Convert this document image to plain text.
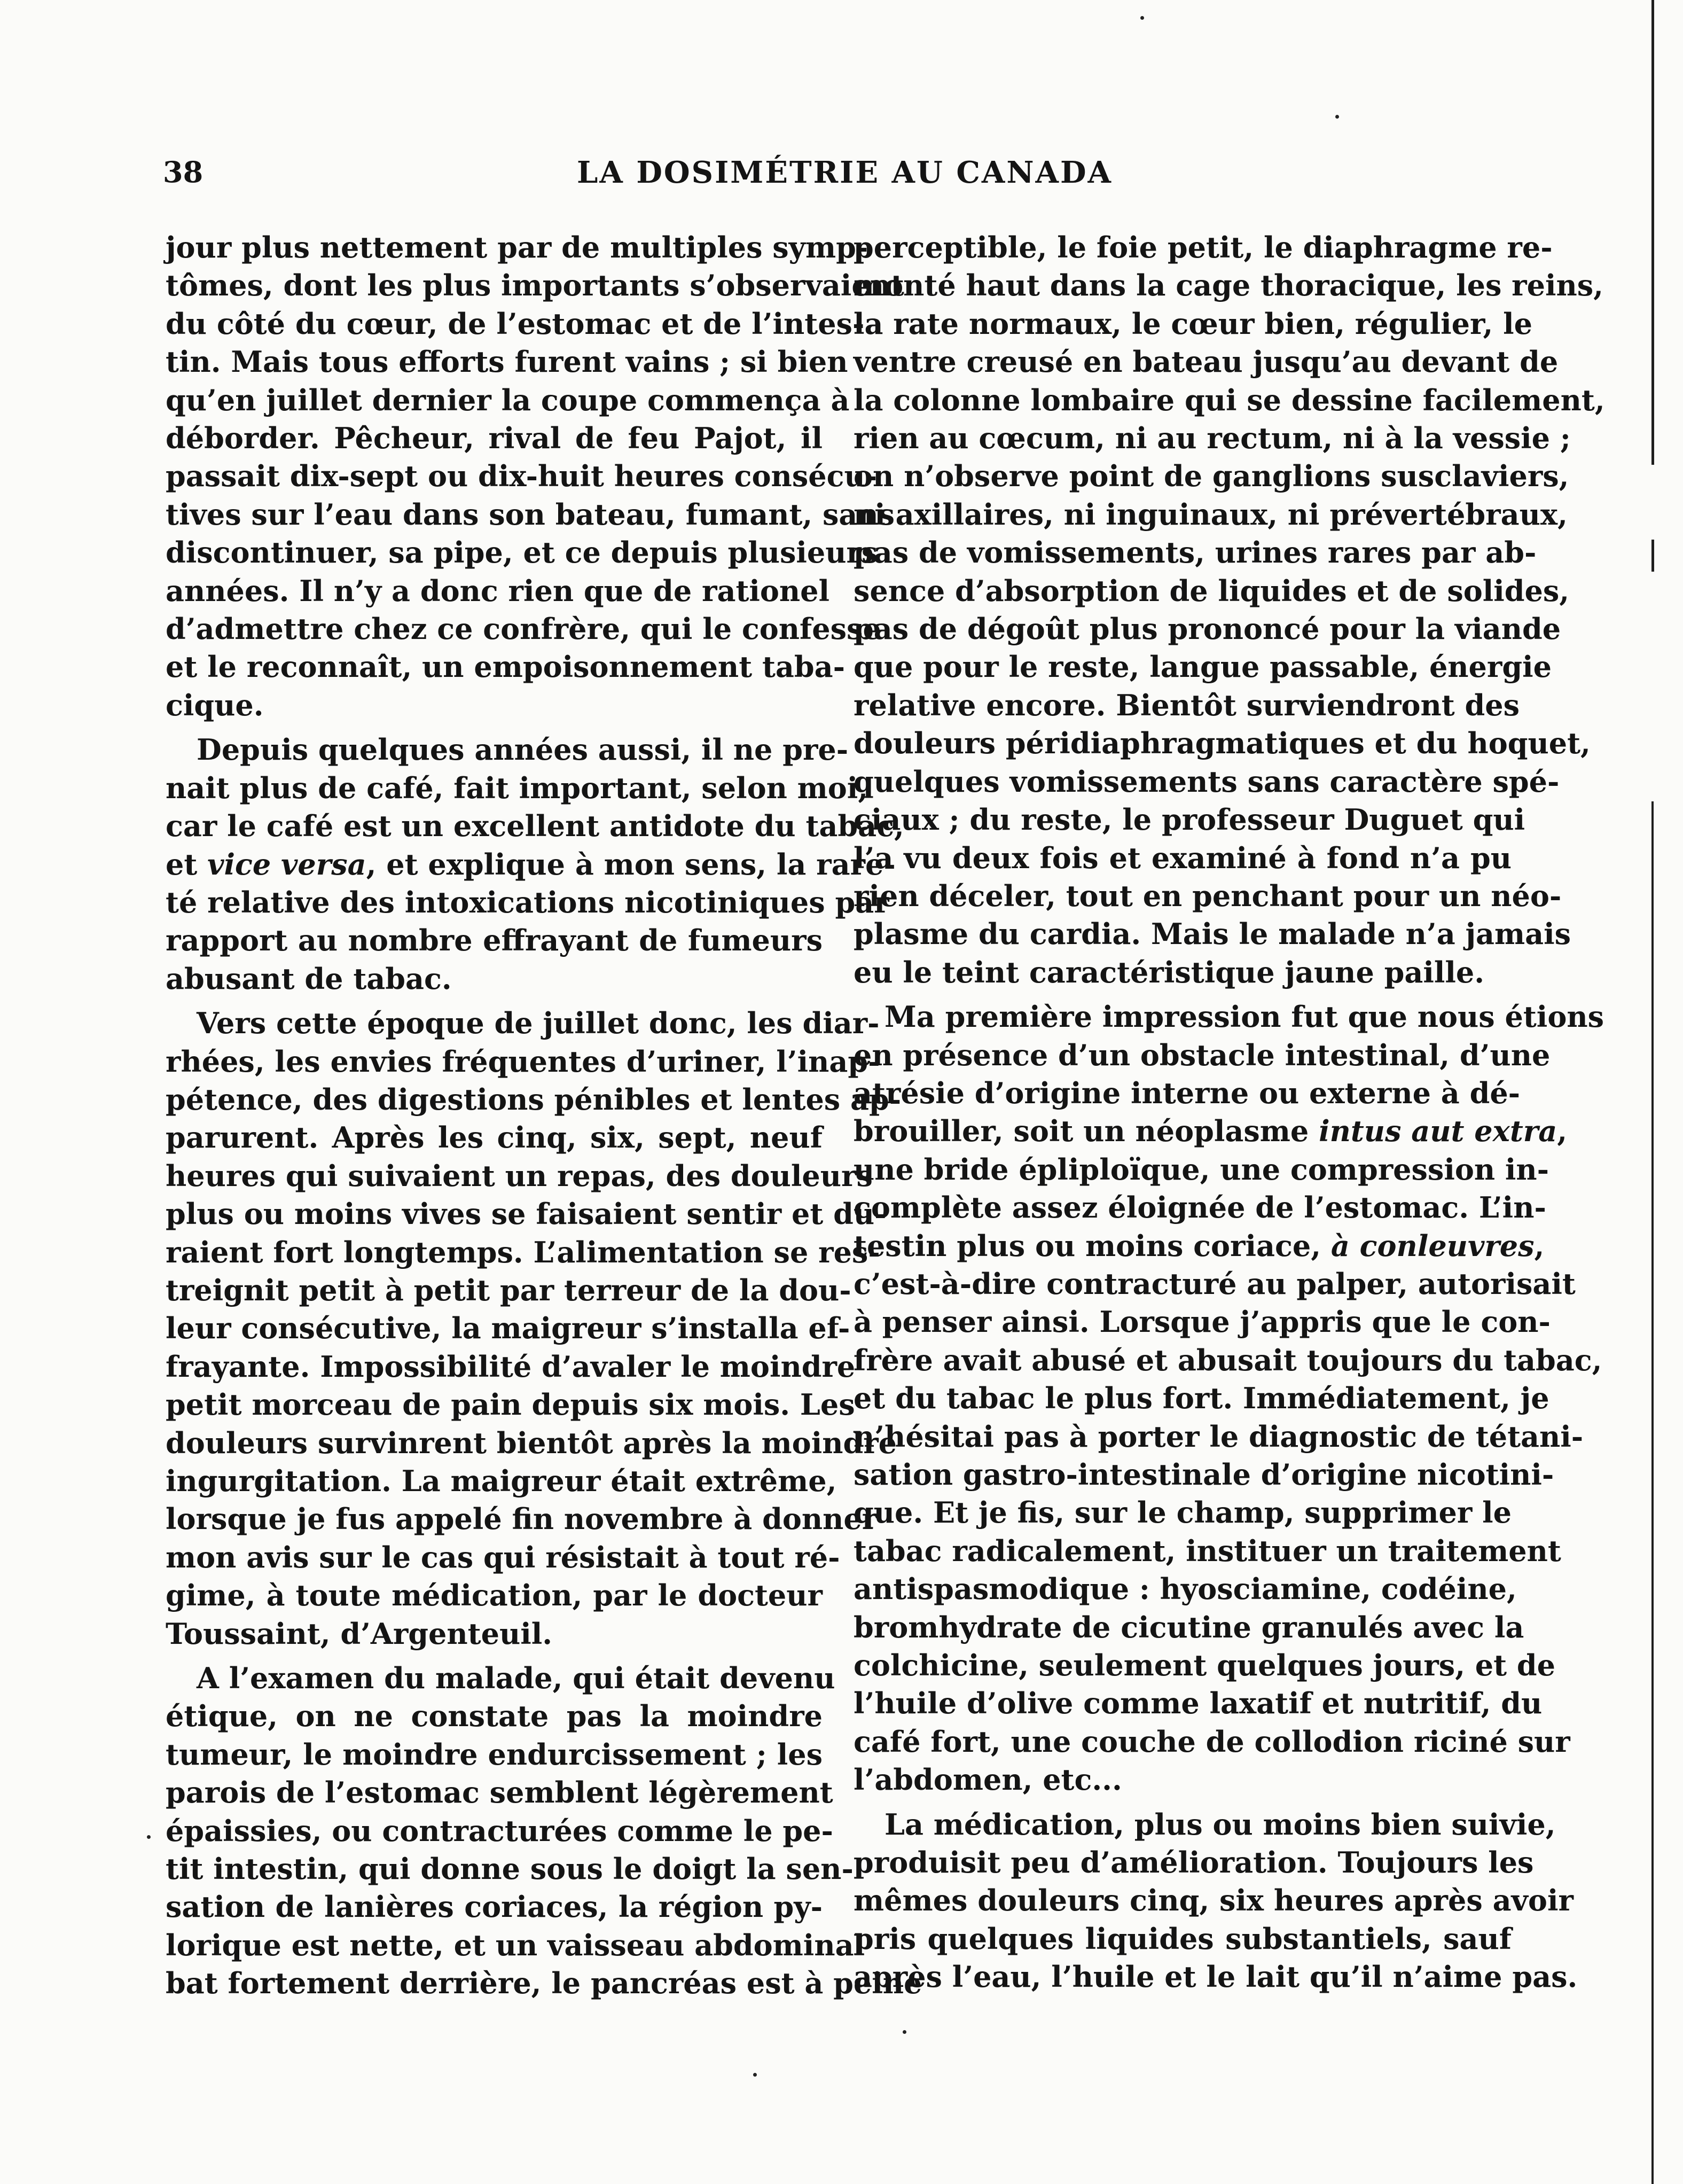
38	LA DOSIMÉTRIE AU CANADA

jour plus nettement par de multiples symp-
tômes, dont les plus importants s’observaient
du côté du cœur, de l’estomac et de l’intes-
tin. Mais tous efforts furent vains ; si bien
qu’en juillet dernier la coupe commença à
déborder. Pêcheur, rival de feu Pajot, il
passait dix-sept ou dix-huit heures consécu-
tives sur l’eau dans son bateau, fumant, sans
discontinuer, sa pipe, et ce depuis plusieurs
années. Il n’y a donc rien que de rationel
d’admettre chez ce confrère, qui le confesse
et le reconnaît, un empoisonnement taba-
cique.

Depuis quelques années aussi, il ne pre-
nait plus de café, fait important, selon moi,
car le café est un excellent antidote du tabac,
et vice versa, et explique à mon sens, la rare-
té relative des intoxications nicotiniques par
rapport au nombre effrayant de fumeurs
abusant de tabac.

Vers cette époque de juillet donc, les diar-
rhées, les envies fréquentes d’uriner, l’inap-
pétence, des digestions pénibles et lentes ap-
parurent. Après les cinq, six, sept, neuf
heures qui suivaient un repas, des douleurs
plus ou moins vives se faisaient sentir et du-
raient fort longtemps. L’alimentation se res-
treignit petit à petit par terreur de la dou-
leur consécutive, la maigreur s’installa ef-
frayante. Impossibilité d’avaler le moindre
petit morceau de pain depuis six mois. Les
douleurs survinrent bientôt après la moindre
ingurgitation. La maigreur était extrême,
lorsque je fus appelé fin novembre à donner
mon avis sur le cas qui résistait à tout ré-
gime, à toute médication, par le docteur
Toussaint, d’Argenteuil.

A l’examen du malade, qui était devenu
étique, on ne constate pas la moindre
tumeur, le moindre endurcissement ; les
parois de l’estomac semblent légèrement
épaissies, ou contracturées comme le pe-
tit intestin, qui donne sous le doigt la sen-
sation de lanières coriaces, la région py-
lorique est nette, et un vaisseau abdominal
bat fortement derrière, le pancréas est à peine

perceptible, le foie petit, le diaphragme re-
monté haut dans la cage thoracique, les reins,
la rate normaux, le cœur bien, régulier, le
ventre creusé en bateau jusqu’au devant de
la colonne lombaire qui se dessine facilement,
rien au cœcum, ni au rectum, ni à la vessie ;
on n’observe point de ganglions susclaviers,
ni axillaires, ni inguinaux, ni prévertébraux,
pas de vomissements, urines rares par ab-
sence d’absorption de liquides et de solides,
pas de dégoût plus prononcé pour la viande
que pour le reste, langue passable, énergie
relative encore. Bientôt surviendront des
douleurs péridiaphragmatiques et du hoquet,
quelques vomissements sans caractère spé-
ciaux ; du reste, le professeur Duguet qui
l’a vu deux fois et examiné à fond n’a pu
rien déceler, tout en penchant pour un néo-
plasme du cardia. Mais le malade n’a jamais
eu le teint caractéristique jaune paille.

Ma première impression fut que nous étions
en présence d’un obstacle intestinal, d’une
atrésie d’origine interne ou externe à dé-
brouiller, soit un néoplasme intus aut extra,
une bride épliploïque, une compression in-
complète assez éloignée de l’estomac. L’in-
testin plus ou moins coriace, à conleuvres,
c’est-à-dire contracturé au palper, autorisait
à penser ainsi. Lorsque j’appris que le con-
frère avait abusé et abusait toujours du tabac,
et du tabac le plus fort. Immédiatement, je
n’hésitai pas à porter le diagnostic de tétani-
sation gastro-intestinale d’origine nicotini-
que. Et je fis, sur le champ, supprimer le
tabac radicalement, instituer un traitement
antispasmodique : hyosciamine, codéine,
bromhydrate de cicutine granulés avec la
colchicine, seulement quelques jours, et de
l’huile d’olive comme laxatif et nutritif, du
café fort, une couche de collodion riciné sur
l’abdomen, etc...

La médication, plus ou moins bien suivie,
produisit peu d’amélioration. Toujours les
mêmes douleurs cinq, six heures après avoir
pris quelques liquides substantiels, sauf
après l’eau, l’huile et le lait qu’il n’aime pas.
